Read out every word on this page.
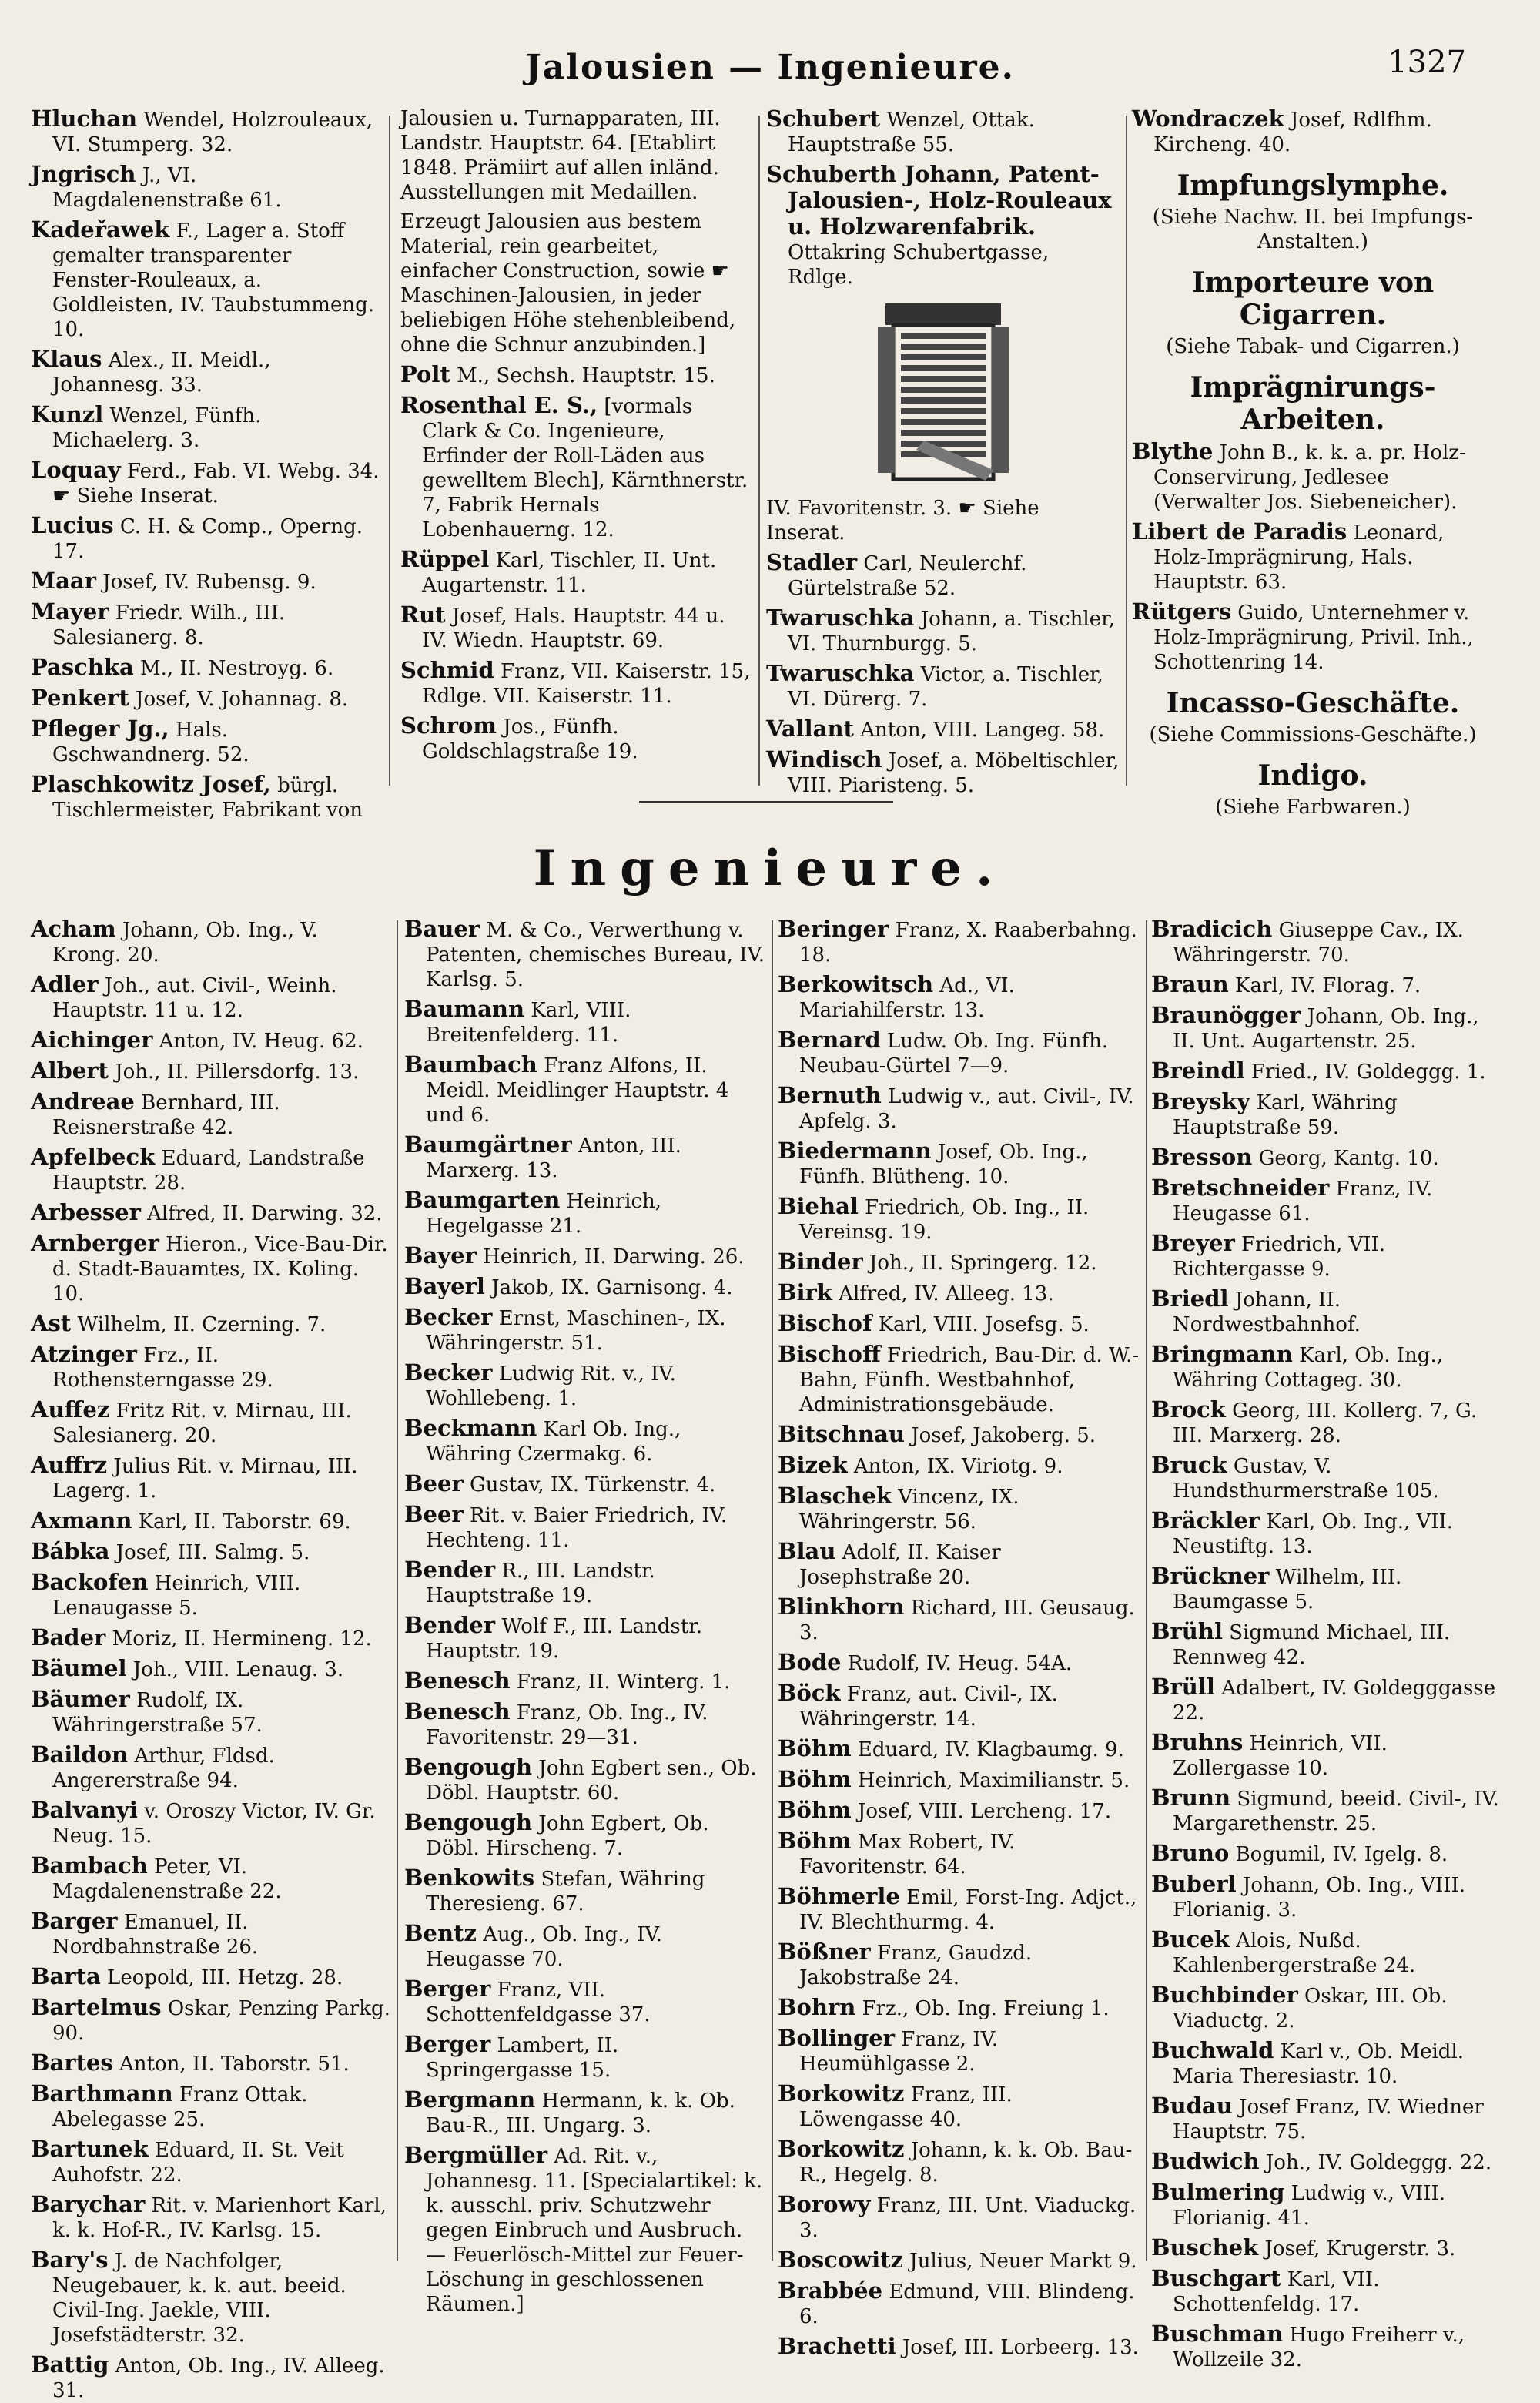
Jalousien — Ingenieure.	1327

Hluchan Wendel, Holzrouleaux, VI. Stumperg. 32.

Jngrisch J., VI. Magdalenenstraße 61.

Kadeřawek F., Lager a. Stoff gemalter transparenter Fenster-Rouleaux, a. Goldleisten, IV. Taubstummeng. 10.

Klaus Alex., II. Meidl., Johannesg. 33.

Kunzl Wenzel, Fünfh. Michaelerg. 3.

Loquay Ferd., Fab. VI. Webg. 34. ☛ Siehe Inserat.

Lucius C. H. & Comp., Operng. 17.

Maar Josef, IV. Rubensg. 9.

Mayer Friedr. Wilh., III. Salesianerg. 8.

Paschka M., II. Nestroyg. 6.

Penkert Josef, V. Johannag. 8.

Pfleger Jg., Hals. Gschwandnerg. 52.

Plaschkowitz Josef, bürgl. Tischlermeister, Fabrikant von

Jalousien u. Turnapparaten, III. Landstr. Hauptstr. 64. [Etablirt 1848. Prämiirt auf allen inländ. Ausstellungen mit Medaillen.

Erzeugt Jalousien aus bestem Material, rein gearbeitet, einfacher Construction, sowie ☛ Maschinen-Jalousien, in jeder beliebigen Höhe stehenbleibend, ohne die Schnur anzubinden.]

Polt M., Sechsh. Hauptstr. 15.

Rosenthal E. S., [vormals Clark & Co. Ingenieure, Erfinder der Roll-Läden aus gewelltem Blech], Kärnthnerstr. 7, Fabrik Hernals Lobenhauerng. 12.

Rüppel Karl, Tischler, II. Unt. Augartenstr. 11.

Rut Josef, Hals. Hauptstr. 44 u. IV. Wiedn. Hauptstr. 69.

Schmid Franz, VII. Kaiserstr. 15, Rdlge. VII. Kaiserstr. 11.

Schrom Jos., Fünfh. Goldschlagstraße 19.

Schubert Wenzel, Ottak. Hauptstraße 55.

Schuberth Johann, Patent-Jalousien-, Holz-Rouleaux u. Holzwarenfabrik. Ottakring Schubertgasse, Rdlge.

IV. Favoritenstr. 3. ☛ Siehe Inserat.

Stadler Carl, Neulerchf. Gürtelstraße 52.

Twaruschka Johann, a. Tischler, VI. Thurnburgg. 5.

Twaruschka Victor, a. Tischler, VI. Dürerg. 7.

Vallant Anton, VIII. Langeg. 58.

Windisch Josef, a. Möbeltischler, VIII. Piaristeng. 5.

Wondraczek Josef, Rdlfhm. Kircheng. 40.

Impfungslymphe.

(Siehe Nachw. II. bei Impfungs-Anstalten.)

Importeure von Cigarren.

(Siehe Tabak- und Cigarren.)

Imprägnirungs-Arbeiten.

Blythe John B., k. k. a. pr. Holz-Conservirung, Jedlesee (Verwalter Jos. Siebeneicher).

Libert de Paradis Leonard, Holz-Imprägnirung, Hals. Hauptstr. 63.

Rütgers Guido, Unternehmer v. Holz-Imprägnirung, Privil. Inh., Schottenring 14.

Incasso-Geschäfte.

(Siehe Commissions-Geschäfte.)

Indigo.

(Siehe Farbwaren.)

Ingenieure.

Acham Johann, Ob. Ing., V. Krong. 20.

Adler Joh., aut. Civil-, Weinh. Hauptstr. 11 u. 12.

Aichinger Anton, IV. Heug. 62.

Albert Joh., II. Pillersdorfg. 13.

Andreae Bernhard, III. Reisnerstraße 42.

Apfelbeck Eduard, Landstraße Hauptstr. 28.

Arbesser Alfred, II. Darwing. 32.

Arnberger Hieron., Vice-Bau-Dir. d. Stadt-Bauamtes, IX. Koling. 10.

Ast Wilhelm, II. Czerning. 7.

Atzinger Frz., II. Rothensterngasse 29.

Auffez Fritz Rit. v. Mirnau, III. Salesianerg. 20.

Auffrz Julius Rit. v. Mirnau, III. Lagerg. 1.

Axmann Karl, II. Taborstr. 69.

Bábka Josef, III. Salmg. 5.

Backofen Heinrich, VIII. Lenaugasse 5.

Bader Moriz, II. Hermineng. 12.

Bäumel Joh., VIII. Lenaug. 3.

Bäumer Rudolf, IX. Währingerstraße 57.

Baildon Arthur, Fldsd. Angererstraße 94.

Balvanyi v. Oroszy Victor, IV. Gr. Neug. 15.

Bambach Peter, VI. Magdalenenstraße 22.

Barger Emanuel, II. Nordbahnstraße 26.

Barta Leopold, III. Hetzg. 28.

Bartelmus Oskar, Penzing Parkg. 90.

Bartes Anton, II. Taborstr. 51.

Barthmann Franz Ottak. Abelegasse 25.

Bartunek Eduard, II. St. Veit Auhofstr. 22.

Barychar Rit. v. Marienhort Karl, k. k. Hof-R., IV. Karlsg. 15.

Bary's J. de Nachfolger, Neugebauer, k. k. aut. beeid. Civil-Ing. Jaekle, VIII. Josefstädterstr. 32.

Battig Anton, Ob. Ing., IV. Alleeg. 31.

Bauer M. & Co., Verwerthung v. Patenten, chemisches Bureau, IV. Karlsg. 5.

Baumann Karl, VIII. Breitenfelderg. 11.

Baumbach Franz Alfons, II. Meidl. Meidlinger Hauptstr. 4 und 6.

Baumgärtner Anton, III. Marxerg. 13.

Baumgarten Heinrich, Hegelgasse 21.

Bayer Heinrich, II. Darwing. 26.

Bayerl Jakob, IX. Garnisong. 4.

Becker Ernst, Maschinen-, IX. Währingerstr. 51.

Becker Ludwig Rit. v., IV. Wohllebeng. 1.

Beckmann Karl Ob. Ing., Währing Czermakg. 6.

Beer Gustav, IX. Türkenstr. 4.

Beer Rit. v. Baier Friedrich, IV. Hechteng. 11.

Bender R., III. Landstr. Hauptstraße 19.

Bender Wolf F., III. Landstr. Hauptstr. 19.

Benesch Franz, II. Winterg. 1.

Benesch Franz, Ob. Ing., IV. Favoritenstr. 29—31.

Bengough John Egbert sen., Ob. Döbl. Hauptstr. 60.

Bengough John Egbert, Ob. Döbl. Hirscheng. 7.

Benkowits Stefan, Währing Theresieng. 67.

Bentz Aug., Ob. Ing., IV. Heugasse 70.

Berger Franz, VII. Schottenfeldgasse 37.

Berger Lambert, II. Springergasse 15.

Bergmann Hermann, k. k. Ob. Bau-R., III. Ungarg. 3.

Bergmüller Ad. Rit. v., Johannesg. 11. [Specialartikel: k. k. ausschl. priv. Schutzwehr gegen Einbruch und Ausbruch. — Feuerlösch-Mittel zur Feuer-Löschung in geschlossenen Räumen.]

Beringer Franz, X. Raaberbahng. 18.

Berkowitsch Ad., VI. Mariahilferstr. 13.

Bernard Ludw. Ob. Ing. Fünfh. Neubau-Gürtel 7—9.

Bernuth Ludwig v., aut. Civil-, IV. Apfelg. 3.

Biedermann Josef, Ob. Ing., Fünfh. Blütheng. 10.

Biehal Friedrich, Ob. Ing., II. Vereinsg. 19.

Binder Joh., II. Springerg. 12.

Birk Alfred, IV. Alleeg. 13.

Bischof Karl, VIII. Josefsg. 5.

Bischoff Friedrich, Bau-Dir. d. W.-Bahn, Fünfh. Westbahnhof, Administrationsgebäude.

Bitschnau Josef, Jakoberg. 5.

Bizek Anton, IX. Viriotg. 9.

Blaschek Vincenz, IX. Währingerstr. 56.

Blau Adolf, II. Kaiser Josephstraße 20.

Blinkhorn Richard, III. Geusaug. 3.

Bode Rudolf, IV. Heug. 54A.

Böck Franz, aut. Civil-, IX. Währingerstr. 14.

Böhm Eduard, IV. Klagbaumg. 9.

Böhm Heinrich, Maximilianstr. 5.

Böhm Josef, VIII. Lercheng. 17.

Böhm Max Robert, IV. Favoritenstr. 64.

Böhmerle Emil, Forst-Ing. Adjct., IV. Blechthurmg. 4.

Bößner Franz, Gaudzd. Jakobstraße 24.

Bohrn Frz., Ob. Ing. Freiung 1.

Bollinger Franz, IV. Heumühlgasse 2.

Borkowitz Franz, III. Löwengasse 40.

Borkowitz Johann, k. k. Ob. Bau-R., Hegelg. 8.

Borowy Franz, III. Unt. Viaduckg. 3.

Boscowitz Julius, Neuer Markt 9.

Brabbée Edmund, VIII. Blindeng. 6.

Brachetti Josef, III. Lorbeerg. 13.

Bradicich Giuseppe Cav., IX. Währingerstr. 70.

Braun Karl, IV. Florag. 7.

Braunögger Johann, Ob. Ing., II. Unt. Augartenstr. 25.

Breindl Fried., IV. Goldeggg. 1.

Breysky Karl, Währing Hauptstraße 59.

Bresson Georg, Kantg. 10.

Bretschneider Franz, IV. Heugasse 61.

Breyer Friedrich, VII. Richtergasse 9.

Briedl Johann, II. Nordwestbahnhof.

Bringmann Karl, Ob. Ing., Währing Cottageg. 30.

Brock Georg, III. Kollerg. 7, G. III. Marxerg. 28.

Bruck Gustav, V. Hundsthurmerstraße 105.

Bräckler Karl, Ob. Ing., VII. Neustiftg. 13.

Brückner Wilhelm, III. Baumgasse 5.

Brühl Sigmund Michael, III. Rennweg 42.

Brüll Adalbert, IV. Goldegggasse 22.

Bruhns Heinrich, VII. Zollergasse 10.

Brunn Sigmund, beeid. Civil-, IV. Margarethenstr. 25.

Bruno Bogumil, IV. Igelg. 8.

Buberl Johann, Ob. Ing., VIII. Florianig. 3.

Bucek Alois, Nußd. Kahlenbergerstraße 24.

Buchbinder Oskar, III. Ob. Viaductg. 2.

Buchwald Karl v., Ob. Meidl. Maria Theresiastr. 10.

Budau Josef Franz, IV. Wiedner Hauptstr. 75.

Budwich Joh., IV. Goldeggg. 22.

Bulmering Ludwig v., VIII. Florianig. 41.

Buschek Josef, Krugerstr. 3.

Buschgart Karl, VII. Schottenfeldg. 17.

Buschman Hugo Freiherr v., Wollzeile 32.
